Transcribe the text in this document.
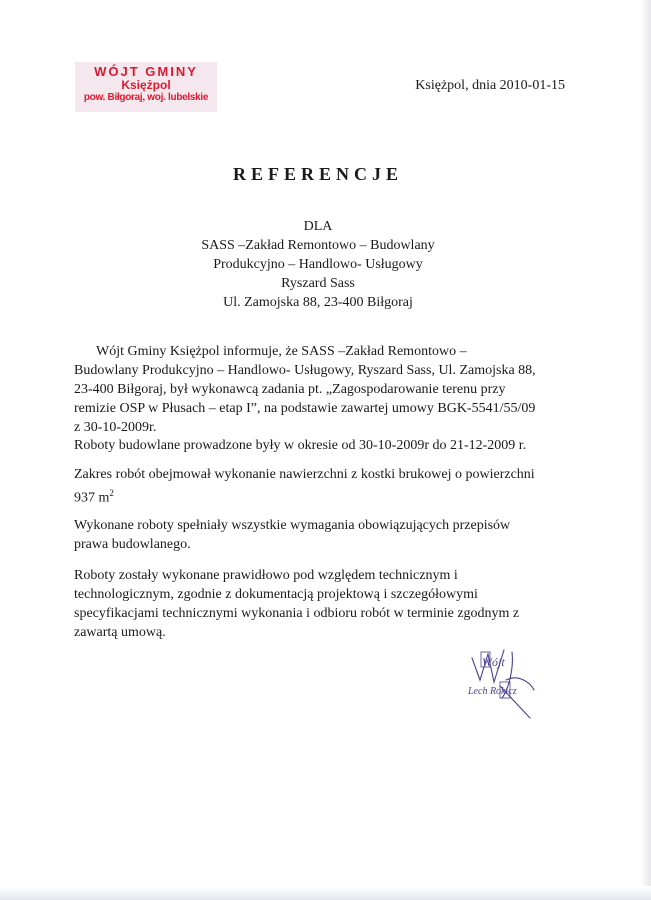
WÓJT GMINY
Księżpol
pow. Biłgoraj, woj. lubelskie
Księżpol, dnia 2010-01-15
REFERENCJE
DLA
SASS –Zakład Remontowo – Budowlany
Produkcyjno – Handlowo- Usługowy
Ryszard Sass
Ul. Zamojska 88, 23-400 Biłgoraj
Wójt Gminy Księżpol informuje, że SASS –Zakład Remontowo –
Budowlany Produkcyjno – Handlowo- Usługowy, Ryszard Sass, Ul. Zamojska 88,
23-400 Biłgoraj, był wykonawcą zadania pt. „Zagospodarowanie terenu przy
remizie OSP w Płusach – etap I”, na podstawie zawartej umowy BGK-5541/55/09
z 30-10-2009r.
Roboty budowlane prowadzone były w okresie od 30-10-2009r do 21-12-2009 r.
Zakres robót obejmował wykonanie nawierzchni z kostki brukowej o powierzchni
937 $m^2$
Wykonane roboty spełniały wszystkie wymagania obowiązujących przepisów
prawa budowlanego.
Roboty zostały wykonane prawidłowo pod względem technicznym i
technologicznym, zgodnie z dokumentacją projektową i szczegółowymi
specyfikacjami technicznymi wykonania i odbioru robót w terminie zgodnym z
zawartą umową.
Wójt
Lech Rokicz
